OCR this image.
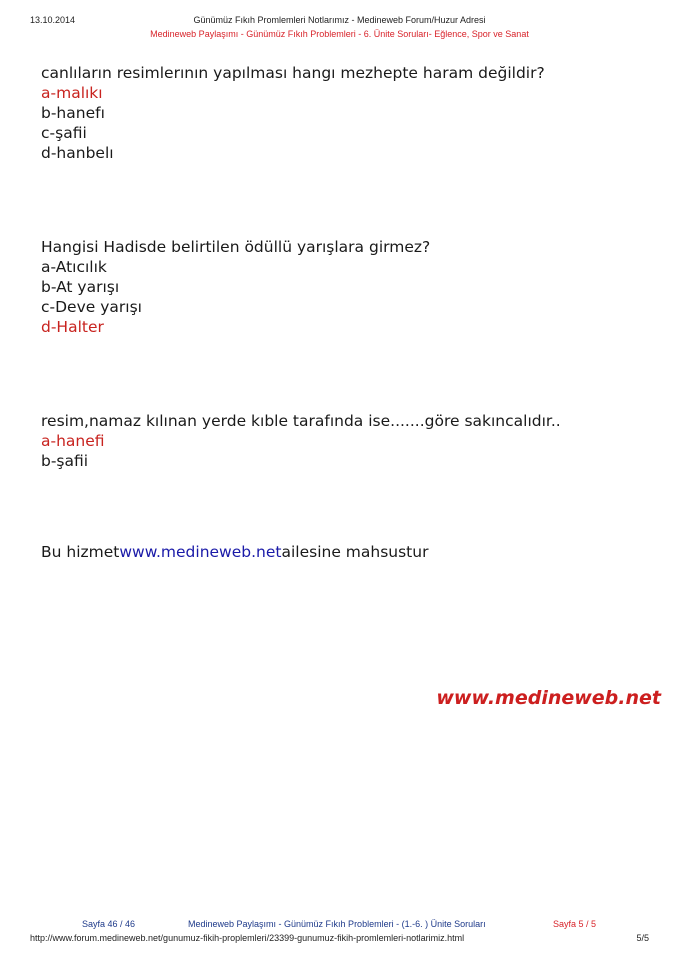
13.10.2014	Günümüz Fıkıh Promlemleri Notlarımız - Medineweb Forum/Huzur Adresi
Medineweb Paylaşımı - Günümüz Fıkıh Problemleri - 6. Ünite Soruları- Eğlence, Spor ve Sanat
canlıların resimlerının yapılması hangı mezhepte haram değildir?
a-malıkı
b-hanefı
c-şafii
d-hanbelı
Hangisi Hadisde belirtilen ödüllü yarışlara girmez?
a-Atıcılık
b-At yarışı
c-Deve yarışı
d-Halter
resim,namaz kılınan yerde kıble tarafında ise.......göre sakıncalıdır..
a-hanefi
b-şafii
Bu hizmetwww.medineweb.netailesine mahsustur
www.medineweb.net
Sayfa 46 / 46	Medineweb Paylaşımı - Günümüz Fıkıh Problemleri - (1.-6. ) Ünite Soruları	Sayfa 5 / 5
http://www.forum.medineweb.net/gunumuz-fikih-proplemleri/23399-gunumuz-fikih-promlemleri-notlarimiz.html	5/5
